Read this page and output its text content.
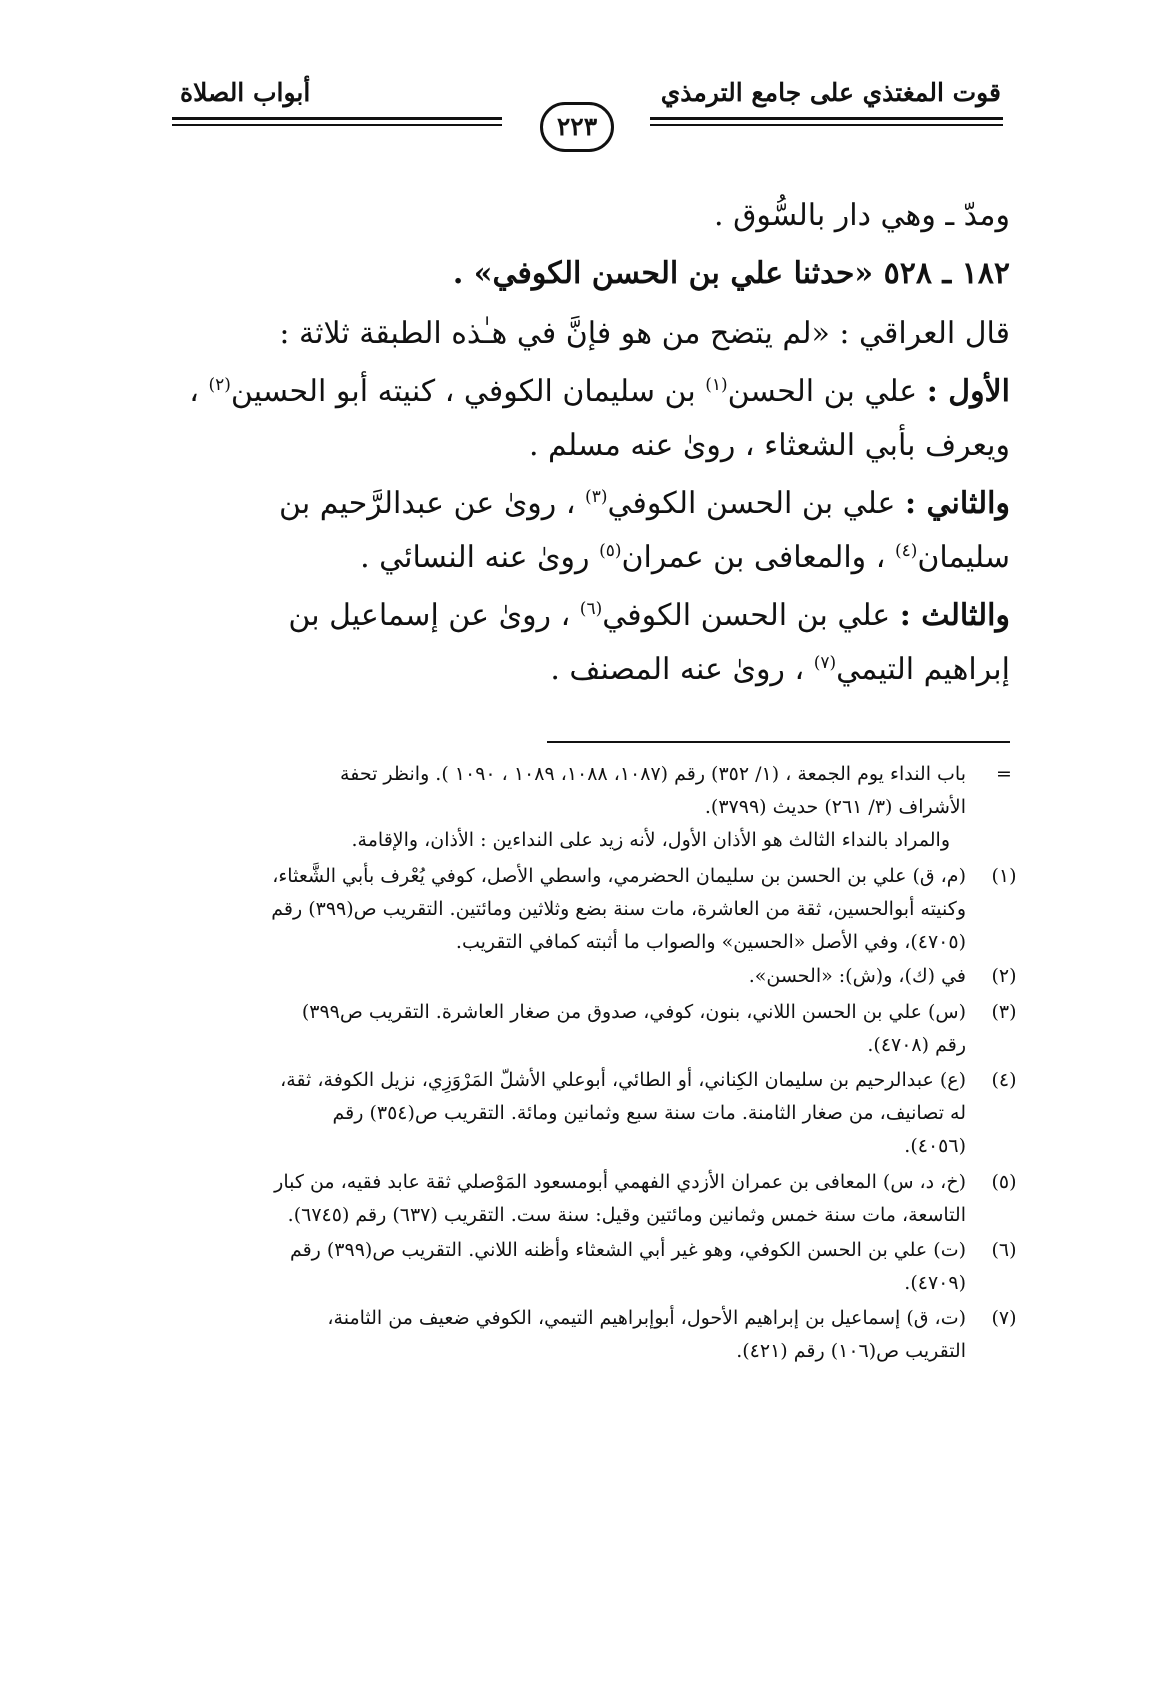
قوت المغتذي على جامع الترمذي
أبواب الصلاة
٢٢٣
ومدّ ـ وهي دار بالسُّوق .
١٨٢ ـ ٥٢٨ «حدثنا علي بن الحسن الكوفي» .
قال العراقي : «لم يتضح من هو فإنَّ في هـٰذه الطبقة ثلاثة :
الأول : علي بن الحسن$^{(١)}$ بن سليمان الكوفي ، كنيته أبو الحسين$^{(٢)}$ ،
ويعرف بأبي الشعثاء ، روىٰ عنه مسلم .
والثاني : علي بن الحسن الكوفي$^{(٣)}$ ، روىٰ عن عبدالرَّحيم بن
سليمان$^{(٤)}$ ، والمعافى بن عمران$^{(٥)}$ روىٰ عنه النسائي .
والثالث : علي بن الحسن الكوفي$^{(٦)}$ ، روىٰ عن إسماعيل بن
إبراهيم التيمي$^{(٧)}$ ، روىٰ عنه المصنف .
=
باب النداء يوم الجمعة ، (١/ ٣٥٢) رقم (١٠٨٧، ١٠٨٨، ١٠٨٩ ، ١٠٩٠ ). وانظر تحفة
الأشراف (٣/ ٢٦١) حديث (٣٧٩٩).
والمراد بالنداء الثالث هو الأذان الأول، لأنه زيد على النداءين : الأذان، والإقامة.
(١)
(م، ق) علي بن الحسن بن سليمان الحضرمي، واسطي الأصل، كوفي يُعْرف بأبي الشَّعثاء،
وكنيته أبوالحسين، ثقة من العاشرة، مات سنة بضع وثلاثين ومائتين. التقريب ص(٣٩٩) رقم
(٤٧٠٥)، وفي الأصل «الحسين» والصواب ما أثبته كمافي التقريب.
(٢)
في (ك)، و(ش): «الحسن».
(٣)
(س) علي بن الحسن اللاني، بنون، كوفي، صدوق من صغار العاشرة. التقريب ص٣٩٩)
رقم (٤٧٠٨).
(٤)
(ع) عبدالرحيم بن سليمان الكِناني، أو الطائي، أبوعلي الأشلّ المَرْوَزِي، نزيل الكوفة، ثقة،
له تصانيف، من صغار الثامنة. مات سنة سبع وثمانين ومائة. التقريب ص(٣٥٤) رقم
(٤٠٥٦).
(٥)
(خ، د، س) المعافى بن عمران الأزدي الفهمي أبومسعود المَوْصلي ثقة عابد فقيه، من كبار
التاسعة، مات سنة خمس وثمانين ومائتين وقيل: سنة ست. التقريب (٦٣٧) رقم (٦٧٤٥).
(٦)
(ت) علي بن الحسن الكوفي، وهو غير أبي الشعثاء وأظنه اللاني. التقريب ص(٣٩٩) رقم
(٤٧٠٩).
(٧)
(ت، ق) إسماعيل بن إبراهيم الأحول، أبوإبراهيم التيمي، الكوفي ضعيف من الثامنة،
التقريب ص(١٠٦) رقم (٤٢١).
